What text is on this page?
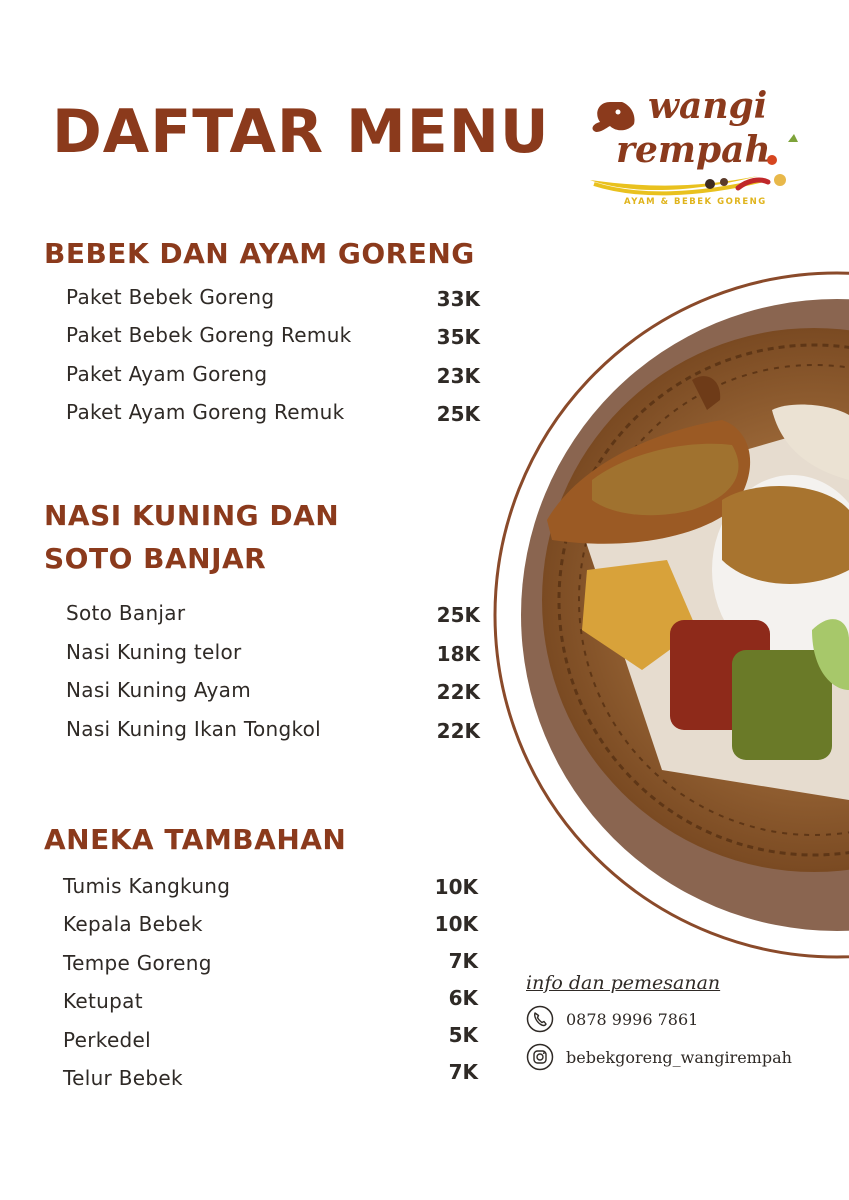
DAFTAR MENU	wangi
rempah
AYAM & BEBEK GORENG
BEBEK DAN AYAM GORENG
Paket Bebek Goreng	33K
Paket Bebek Goreng Remuk	35K
Paket Ayam Goreng	23K
Paket Ayam Goreng Remuk	25K
NASI KUNING DAN
SOTO BANJAR
Soto Banjar	25K
Nasi Kuning telor	18K
Nasi Kuning Ayam	22K
Nasi Kuning Ikan Tongkol	22K
ANEKA TAMBAHAN
Tumis Kangkung	10K
Kepala Bebek	10K
Tempe Goreng	7K
Ketupat	6K
Perkedel	5K
Telur Bebek	7K
info dan pemesanan
0878 9996 7861
bebekgoreng_wangirempah
